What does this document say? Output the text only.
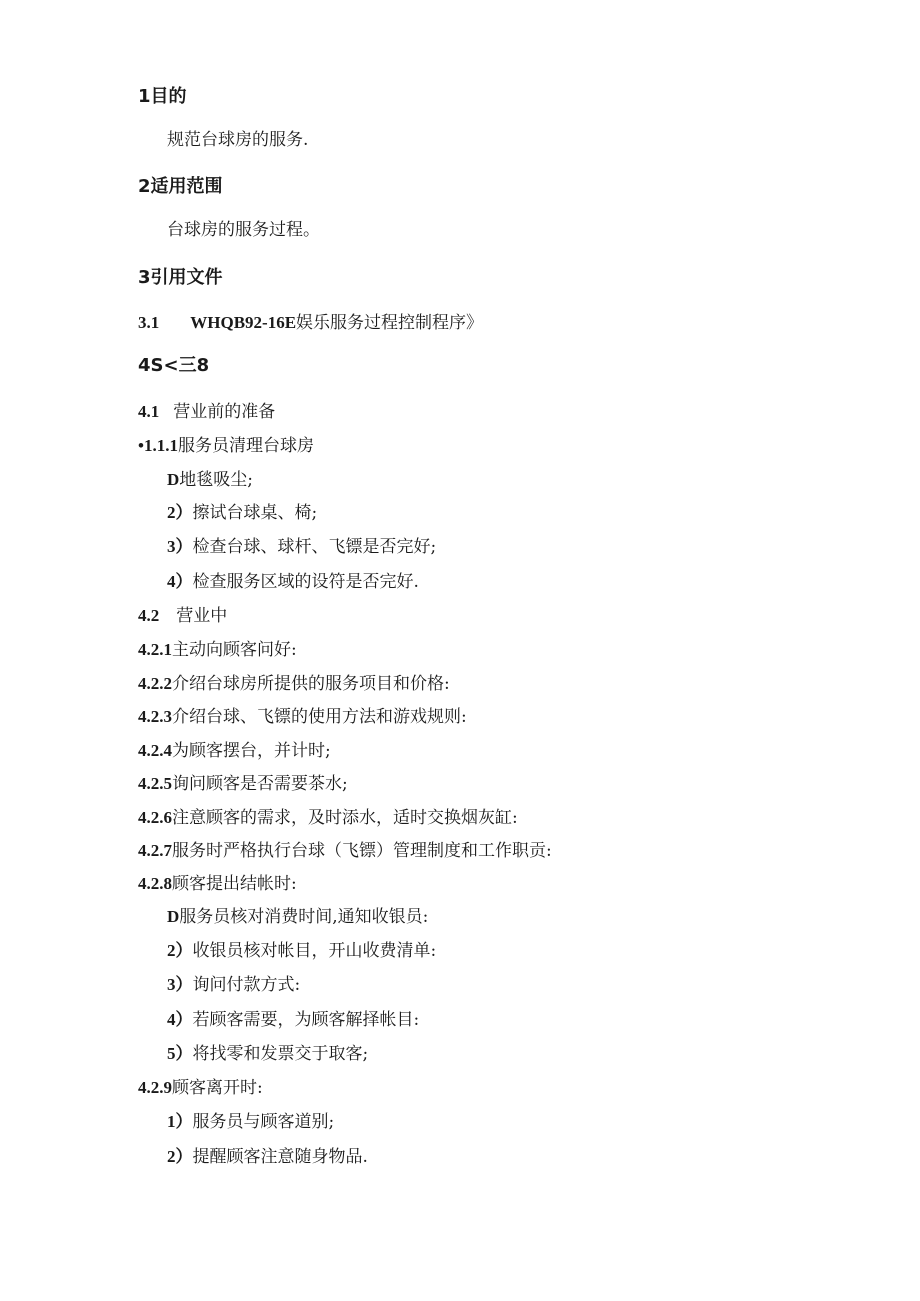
1目的
规范台球房的服务.
2适用范围
台球房的服务过程。
3引用文件
3.1 WHQB92-16E娱乐服务过程控制程序》
4S<三8
4.1 营业前的准备
•1.1.1服务员清理台球房
D地毯吸尘;
2）擦试台球桌、椅;
3）检查台球、球杆、飞镖是否完好;
4）检查服务区域的设符是否完好.
4.2 营业中
4.2.1主动向顾客问好:
4.2.2介绍台球房所提供的服务项目和价格:
4.2.3介绍台球、飞镖的使用方法和游戏规则:
4.2.4为顾客摆台，并计时;
4.2.5询问顾客是否需要茶水;
4.2.6注意顾客的需求，及时添水，适时交换烟灰缸:
4.2.7服务时严格执行台球（飞镖）管理制度和工作职贡:
4.2.8顾客提出结帐时:
D服务员核对消费时间,通知收银员:
2）收银员核对帐目，开山收费清单:
3）询问付款方式:
4）若顾客需要，为顾客解择帐目:
5）将找零和发票交于取客;
4.2.9顾客离开时:
1）服务员与顾客道别;
2）提醒顾客注意随身物品.
